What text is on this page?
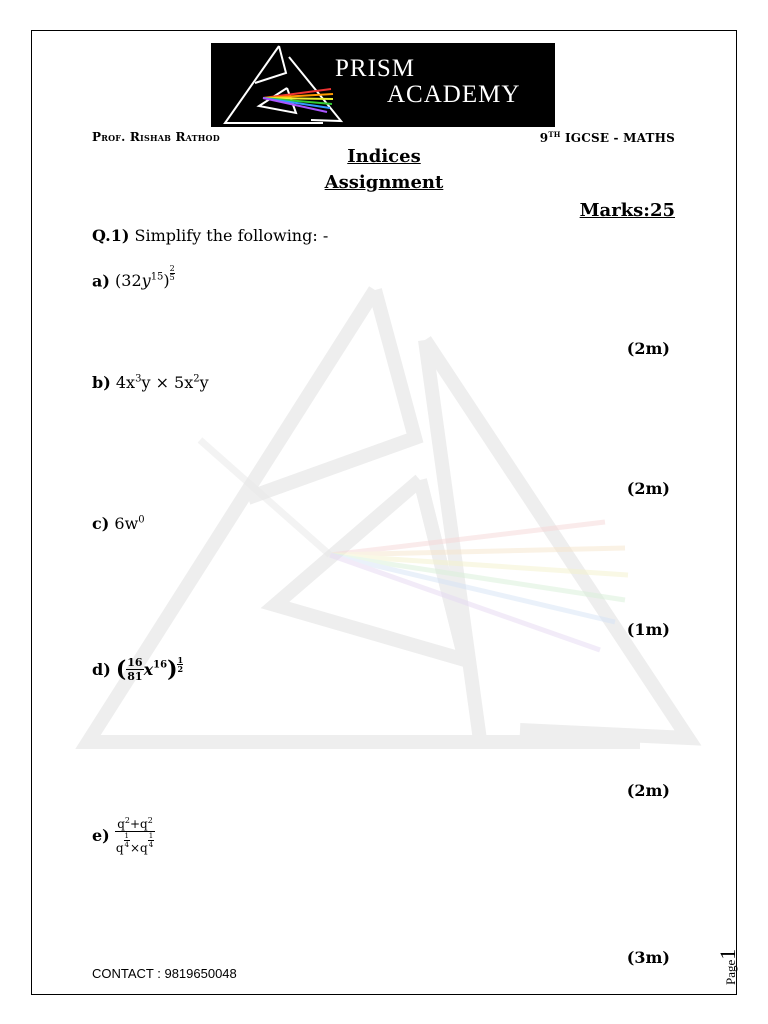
PRISM
ACADEMY
Prof. Rishab Rathod	9TH IGCSE - MATHS
Indices
Assignment
Marks:25
Q.1) Simplify the following: -
a) $(32y^{15}) \frac{2}{5}$
(2m)
b) $4x^3y \times 5x^2y$
(2m)
c) $6w^0$
(1m)
d) ( $\frac{16}{81} x^{16}) \frac{1}{2}$
(2m)
$e) \frac{q^2+q^2}{q \frac{1}{4} \times q \frac{1}{4}}$
(3m)
CONTACT : 9819650048	Page1
